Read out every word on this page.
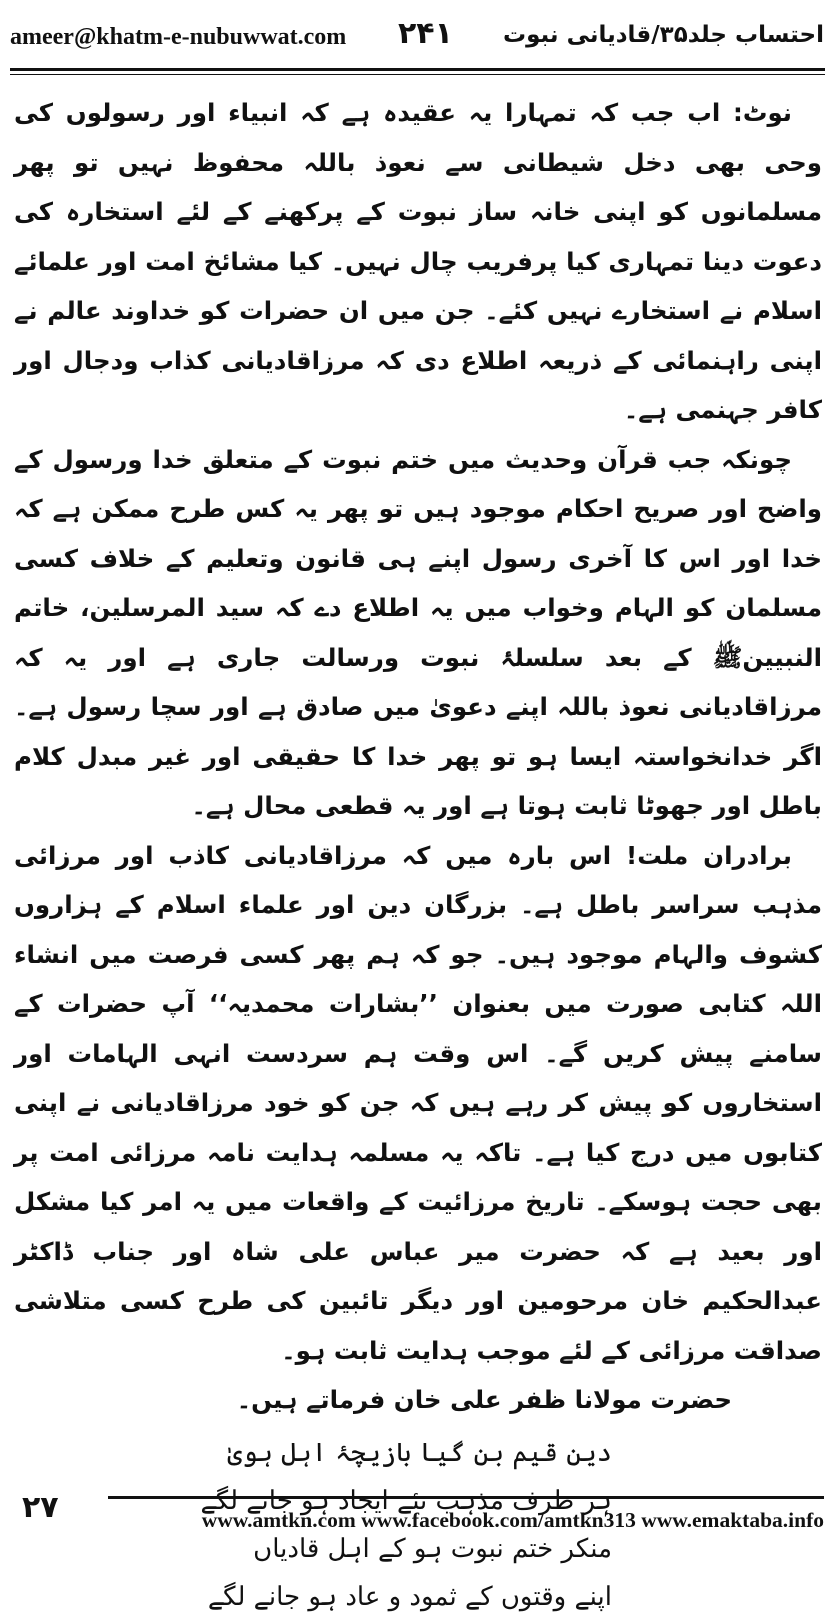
ameer@khatm-e-nubuwwat.com ۲۴۱ احتساب جلد۳۵/قادیانی نبوت

نوٹ: اب جب کہ تمہارا یہ عقیدہ ہے کہ انبیاء اور رسولوں کی وحی بھی دخل شیطانی سے نعوذ باللہ محفوظ نہیں تو پھر مسلمانوں کو اپنی خانہ ساز نبوت کے پرکھنے کے لئے استخارہ کی دعوت دینا تمہاری کیا پرفریب چال نہیں۔ کیا مشائخ امت اور علمائے اسلام نے استخارے نہیں کئے۔ جن میں ان حضرات کو خداوند عالم نے اپنی راہنمائی کے ذریعہ اطلاع دی کہ مرزاقادیانی کذاب ودجال اور کافر جہنمی ہے۔

چونکہ جب قرآن وحدیث میں ختم نبوت کے متعلق خدا ورسول کے واضح اور صریح احکام موجود ہیں تو پھر یہ کس طرح ممکن ہے کہ خدا اور اس کا آخری رسول اپنے ہی قانون وتعلیم کے خلاف کسی مسلمان کو الہام وخواب میں یہ اطلاع دے کہ سید المرسلین، خاتم النبیینﷺ کے بعد سلسلۂ نبوت ورسالت جاری ہے اور یہ کہ مرزاقادیانی نعوذ باللہ اپنے دعویٰ میں صادق ہے اور سچا رسول ہے۔ اگر خدانخواستہ ایسا ہو تو پھر خدا کا حقیقی اور غیر مبدل کلام باطل اور جھوٹا ثابت ہوتا ہے اور یہ قطعی محال ہے۔

برادران ملت! اس بارہ میں کہ مرزاقادیانی کاذب اور مرزائی مذہب سراسر باطل ہے۔ بزرگان دین اور علماء اسلام کے ہزاروں کشوف والہام موجود ہیں۔ جو کہ ہم پھر کسی فرصت میں انشاء اللہ کتابی صورت میں بعنوان ’’بشارات محمدیہ‘‘ آپ حضرات کے سامنے پیش کریں گے۔ اس وقت ہم سردست انہی الہامات اور استخاروں کو پیش کر رہے ہیں کہ جن کو خود مرزاقادیانی نے اپنی کتابوں میں درج کیا ہے۔ تاکہ یہ مسلمہ ہدایت نامہ مرزائی امت پر بھی حجت ہوسکے۔ تاریخ مرزائیت کے واقعات میں یہ امر کیا مشکل اور بعید ہے کہ حضرت میر عباس علی شاہ اور جناب ڈاکٹر عبدالحکیم خان مرحومین اور دیگر تائبین کی طرح کسی متلاشی صداقت مرزائی کے لئے موجب ہدایت ثابت ہو۔

حضرت مولانا ظفر علی خان فرماتے ہیں۔
دین قیم بن گیا بازیچۂ اہل ہویٰ
ہر طرف مذہب نئے ایجاد ہو جانے لگے
منکر ختم نبوت ہو کے اہل قادیاں
اپنے وقتوں کے ثمود و عاد ہو جانے لگے
۲۷	www.amtkn.com www.facebook.com/amtkn313 www.emaktaba.info
